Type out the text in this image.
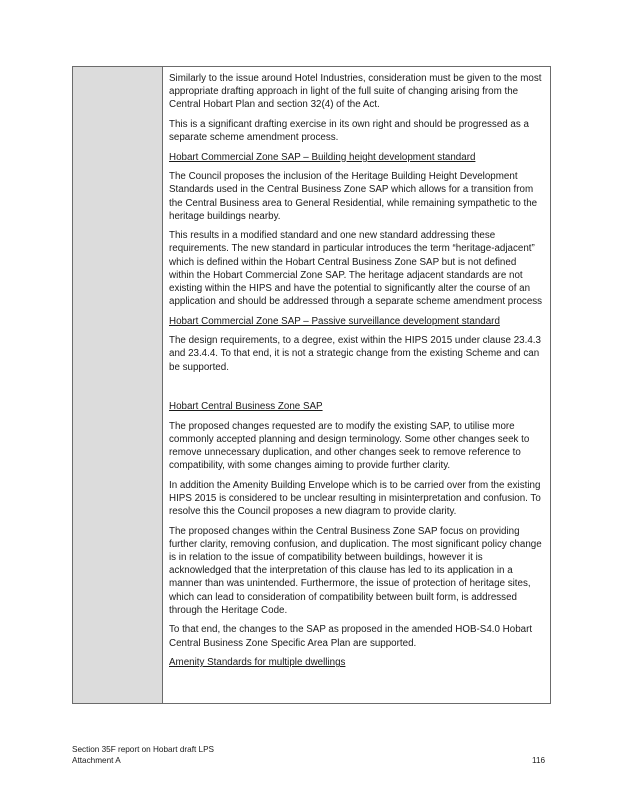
Similarly to the issue around Hotel Industries, consideration must be given to the most appropriate drafting approach in light of the full suite of changing arising from the Central Hobart Plan and section 32(4) of the Act.
This is a significant drafting exercise in its own right and should be progressed as a separate scheme amendment process.
Hobart Commercial Zone SAP – Building height development standard
The Council proposes the inclusion of the Heritage Building Height Development Standards used in the Central Business Zone SAP which allows for a transition from the Central Business area to General Residential, while remaining sympathetic to the heritage buildings nearby.
This results in a modified standard and one new standard addressing these requirements. The new standard in particular introduces the term “heritage-adjacent” which is defined within the Hobart Central Business Zone SAP but is not defined within the Hobart Commercial Zone SAP. The heritage adjacent standards are not existing within the HIPS and have the potential to significantly alter the course of an application and should be addressed through a separate scheme amendment process
Hobart Commercial Zone SAP – Passive surveillance development standard
The design requirements, to a degree, exist within the HIPS 2015 under clause 23.4.3 and 23.4.4. To that end, it is not a strategic change from the existing Scheme and can be supported.
Hobart Central Business Zone SAP
The proposed changes requested are to modify the existing SAP, to utilise more commonly accepted planning and design terminology. Some other changes seek to remove unnecessary duplication, and other changes seek to remove reference to compatibility, with some changes aiming to provide further clarity.
In addition the Amenity Building Envelope which is to be carried over from the existing HIPS 2015 is considered to be unclear resulting in misinterpretation and confusion. To resolve this the Council proposes a new diagram to provide clarity.
The proposed changes within the Central Business Zone SAP focus on providing further clarity, removing confusion, and duplication. The most significant policy change is in relation to the issue of compatibility between buildings, however it is acknowledged that the interpretation of this clause has led to its application in a manner than was unintended. Furthermore, the issue of protection of heritage sites, which can lead to consideration of compatibility between built form, is addressed through the Heritage Code.
To that end, the changes to the SAP as proposed in the amended HOB-S4.0 Hobart Central Business Zone Specific Area Plan are supported.
Amenity Standards for multiple dwellings
Section 35F report on Hobart draft LPS
Attachment A	116
